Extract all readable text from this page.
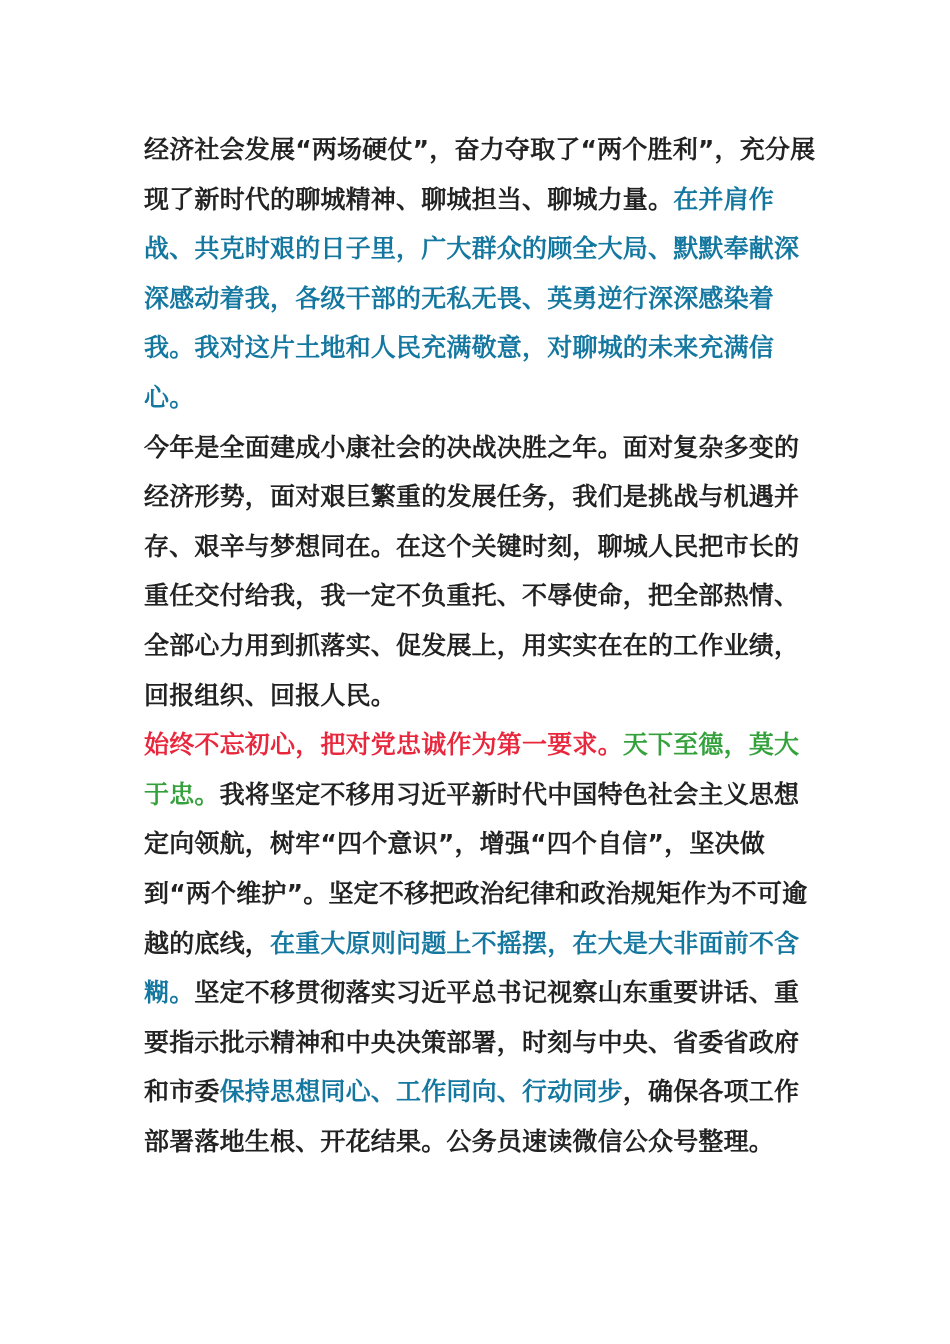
经济社会发展“两场硬仗”，奋力夺取了“两个胜利”，充分展现了新时代的聊城精神、聊城担当、聊城力量。在并肩作战、共克时艰的日子里，广大群众的顾全大局、默默奉献深深感动着我，各级干部的无私无畏、英勇逆行深深感染着我。我对这片土地和人民充满敬意，对聊城的未来充满信心。
今年是全面建成小康社会的决战决胜之年。面对复杂多变的经济形势，面对艰巨繁重的发展任务，我们是挑战与机遇并存、艰辛与梦想同在。在这个关键时刻，聊城人民把市长的重任交付给我，我一定不负重托、不辱使命，把全部热情、全部心力用到抓落实、促发展上，用实实在在的工作业绩，回报组织、回报人民。

始终不忘初心，把对党忠诚作为第一要求。天下至德，莫大于忠。我将坚定不移用习近平新时代中国特色社会主义思想定向领航，树牢“四个意识”，增强“四个自信”，坚决做到“两个维护”。坚定不移把政治纪律和政治规矩作为不可逾越的底线，在重大原则问题上不摇摆，在大是大非面前不含糊。坚定不移贯彻落实习近平总书记视察山东重要讲话、重要指示批示精神和中央决策部署，时刻与中央、省委省政府和市委保持思想同心、工作同向、行动同步，确保各项工作部署落地生根、开花结果。公务员速读微信公众号整理。
